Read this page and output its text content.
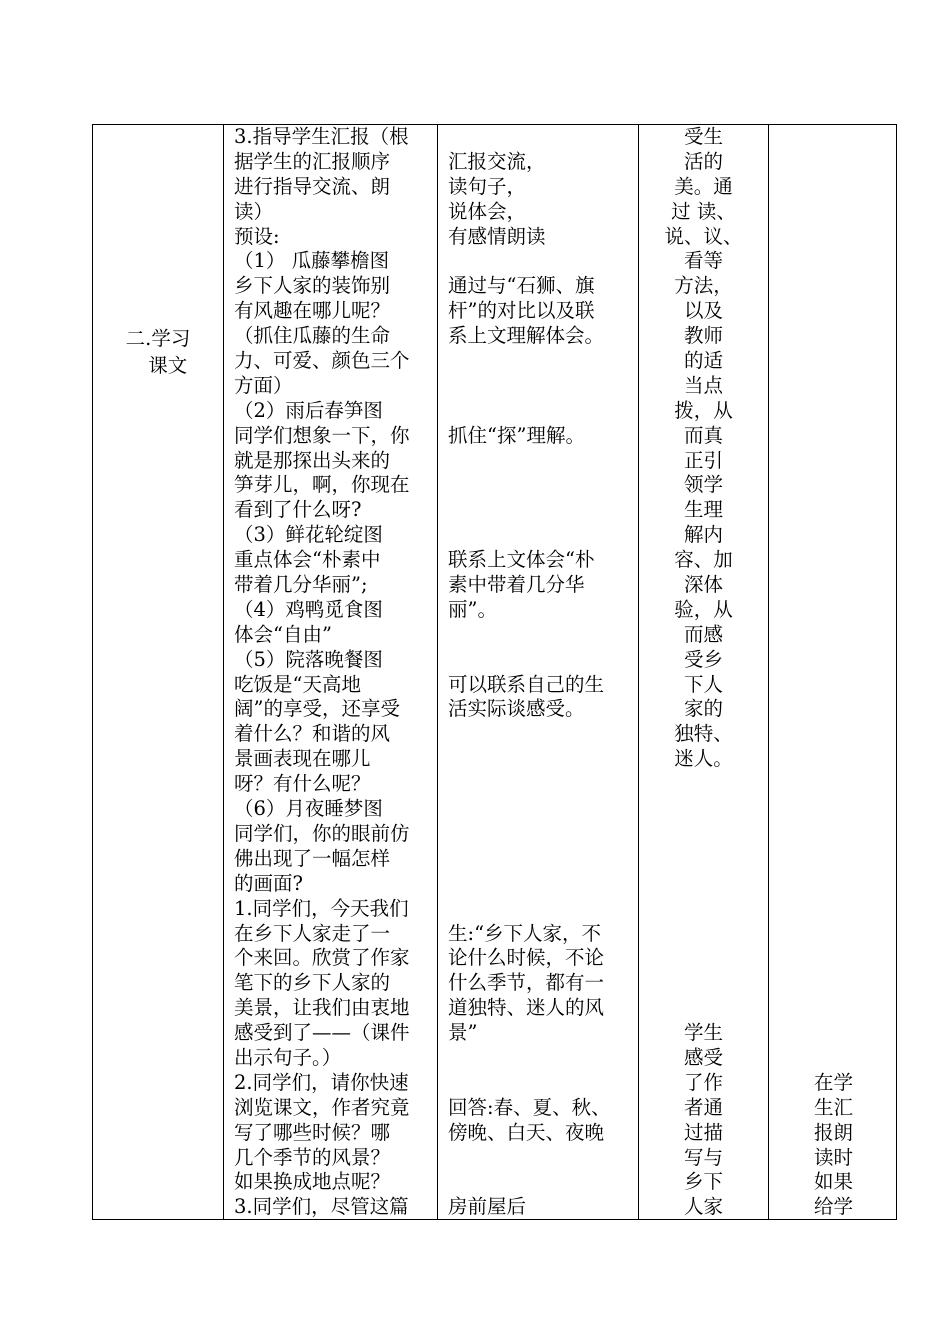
二.学习
　课文
3.指导学生汇报（根
据学生的汇报顺序
进行指导交流、朗
读）
预设:
（1） 瓜藤攀檐图
乡下人家的装饰别
有风趣在哪儿呢？
（抓住瓜藤的生命
力、可爱、颜色三个
方面）
（2）雨后春笋图
同学们想象一下，你
就是那探出头来的
笋芽儿，啊，你现在
看到了什么呀?
（3）鲜花轮绽图
重点体会“朴素中
带着几分华丽”;
（4）鸡鸭觅食图
体会“自由”
（5）院落晚餐图
吃饭是“天高地
阔”的享受，还享受
着什么？和谐的风
景画表现在哪儿
呀？有什么呢？
（6）月夜睡梦图
同学们，你的眼前仿
佛出现了一幅怎样
的画面?
1.同学们，今天我们
在乡下人家走了一
个来回。欣赏了作家
笔下的乡下人家的
美景，让我们由衷地
感受到了——（课件
出示句子。）
2.同学们，请你快速
浏览课文，作者究竟
写了哪些时候？哪
几个季节的风景？
如果换成地点呢？
3.同学们，尽管这篇
汇报交流，
读句子，
说体会，
有感情朗读
通过与“石狮、旗
杆”的对比以及联
系上文理解体会。
抓住“探”理解。
联系上文体会“朴
素中带着几分华
丽”。
可以联系自己的生
活实际谈感受。
生:“乡下人家，不
论什么时候，不论
什么季节，都有一
道独特、迷人的风
景”
回答:春、夏、秋、
傍晚、白天、夜晚
房前屋后
受生
活的
美。通
过 读、
说、议、
看等
方法，
以及
教师
的适
当点
拨，从
而真
正引
领学
生理
解内
容、加
深体
验，从
而感
受乡
下人
家的
独特、
迷人。
学生
感受
了作
者通
过描
写与
乡下
人家
在学
生汇
报朗
读时
如果
给学
